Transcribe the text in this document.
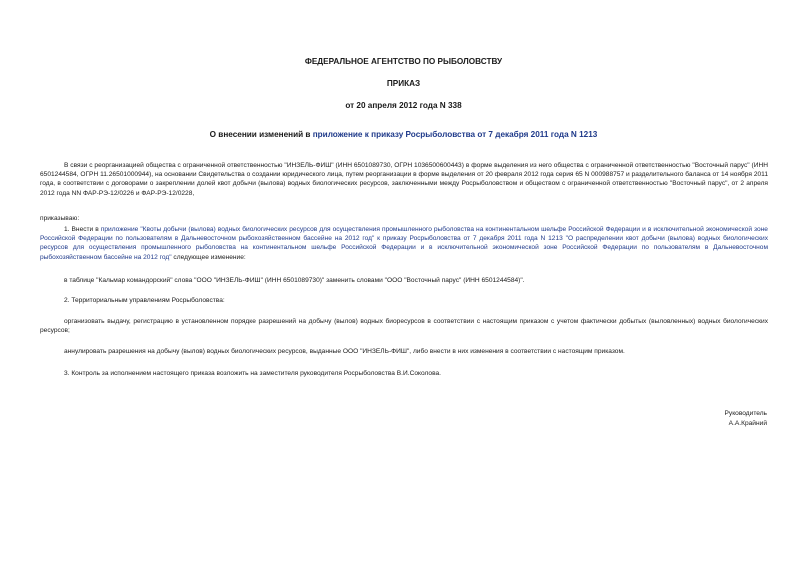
ФЕДЕРАЛЬНОЕ АГЕНТСТВО ПО РЫБОЛОВСТВУ
ПРИКАЗ
от 20 апреля 2012 года N 338
О внесении изменений в приложение к приказу Росрыболовства от 7 декабря 2011 года N 1213
В связи с реорганизацией общества с ограниченной ответственностью "ИНЗЕЛЬ-ФИШ" (ИНН 6501089730, ОГРН 1036500600443) в форме выделения из него общества с ограниченной ответственностью "Восточный парус" (ИНН 6501244584, ОГРН 11.26501000944), на основании Свидетельства о создании юридического лица, путем реорганизации в форме выделения от 20 февраля 2012 года серия 65 N 000988757 и разделительного баланса от 14 ноября 2011 года, в соответствии с договорами о закреплении долей квот добычи (вылова) водных биологических ресурсов, заключенными между Росрыболовством и обществом с ограниченной ответственностью "Восточный парус", от 2 апреля 2012 года NN ФАР-РЭ-12/0226 и ФАР-РЭ-12/0228,
приказываю:
1. Внести в приложение "Квоты добычи (вылова) водных биологических ресурсов для осуществления промышленного рыболовства на континентальном шельфе Российской Федерации и в исключительной экономической зоне Российской Федерации по пользователям в Дальневосточном рыбохозяйственном бассейне на 2012 год" к приказу Росрыболовства от 7 декабря 2011 года N 1213 "О распределении квот добычи (вылова) водных биологических ресурсов для осуществления промышленного рыболовства на континентальном шельфе Российской Федерации и в исключительной экономической зоне Российской Федерации по пользователям в Дальневосточном рыбохозяйственном бассейне на 2012 год" следующее изменение:
в таблице "Кальмар командорский" слова "ООО "ИНЗЕЛЬ-ФИШ" (ИНН 6501089730)" заменить словами "ООО "Восточный парус" (ИНН 6501244584)".
2. Территориальным управлениям Росрыболовства:
организовать выдачу, регистрацию в установленном порядке разрешений на добычу (вылов) водных биоресурсов в соответствии с настоящим приказом с учетом фактически добытых (выловленных) водных биологических ресурсов;
аннулировать разрешения на добычу (вылов) водных биологических ресурсов, выданные ООО "ИНЗЕЛЬ-ФИШ", либо внести в них изменения в соответствии с настоящим приказом.
3. Контроль за исполнением настоящего приказа возложить на заместителя руководителя Росрыболовства В.И.Соколова.
Руководитель
А.А.Крайний
